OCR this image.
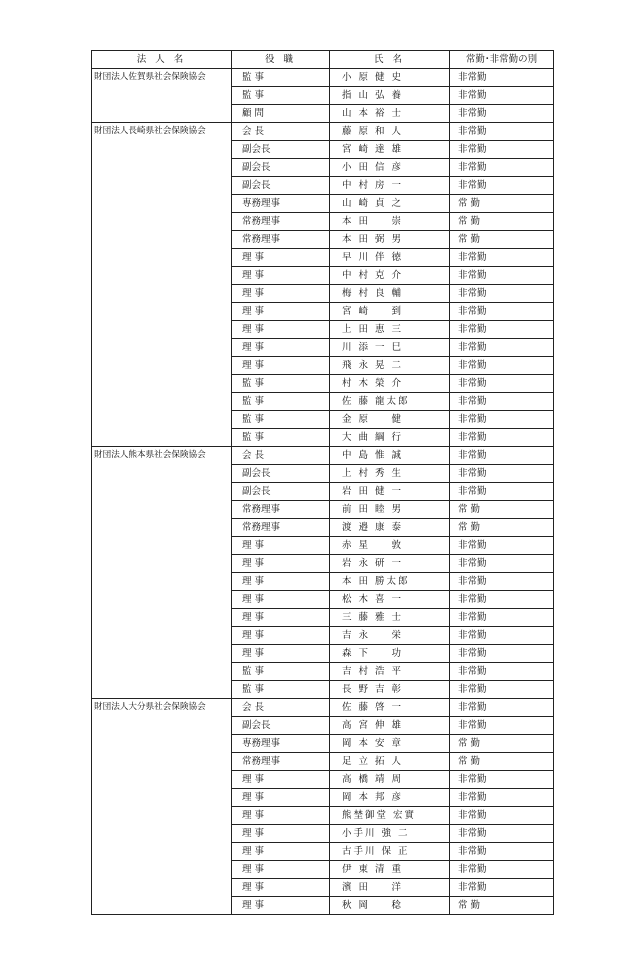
法 人 名	役 職	氏 名	常勤･非常勤の別
財団法人佐賀県社会保険協会	監 事	小 原 健 史	非常勤
	監 事	指 山 弘 養	非常勤
	顧 問	山 本 裕 士	非常勤
財団法人長崎県社会保険協会	会 長	藤 原 和 人	非常勤
	副会長	宮 崎 達 雄	非常勤
	副会長	小 田 信 彦	非常勤
	副会長	中 村 房 一	非常勤
	専務理事	山 崎 貞 之	常 勤
	常務理事	本 田 　 崇	常 勤
	常務理事	本 田 弼 男	常 勤
	理 事	早 川 伴 徳	非常勤
	理 事	中 村 克 介	非常勤
	理 事	梅 村 良 輔	非常勤
	理 事	宮 崎 　 到	非常勤
	理 事	上 田 恵 三	非常勤
	理 事	川 添 一 巳	非常勤
	理 事	飛 永 晃 二	非常勤
	監 事	村 木 榮 介	非常勤
	監 事	佐 藤 龍太郎	非常勤
	監 事	金 原 　 健	非常勤
	監 事	大 曲 綱 行	非常勤
財団法人熊本県社会保険協会	会 長	中 島 惟 誠	非常勤
	副会長	上 村 秀 生	非常勤
	副会長	岩 田 健 一	非常勤
	常務理事	前 田 睦 男	常 勤
	常務理事	渡 邉 康 泰	常 勤
	理 事	赤 星 　 敦	非常勤
	理 事	岩 永 研 一	非常勤
	理 事	本 田 勝太郎	非常勤
	理 事	松 木 喜 一	非常勤
	理 事	三 藤 雅 士	非常勤
	理 事	吉 永 　 栄	非常勤
	理 事	森 下 　 功	非常勤
	監 事	吉 村 浩 平	非常勤
	監 事	長 野 吉 彰	非常勤
財団法人大分県社会保険協会	会 長	佐 藤 啓 一	非常勤
	副会長	高 宮 伸 雄	非常勤
	専務理事	岡 本 安 章	常 勤
	常務理事	足 立 拓 人	常 勤
	理 事	高 橋 靖 周	非常勤
	理 事	岡 本 邦 彦	非常勤
	理 事	熊埜御堂 宏實	非常勤
	理 事	小手川 強 二	非常勤
	理 事	古手川 保 正	非常勤
	理 事	伊 東 清 重	非常勤
	理 事	濱 田 　 洋	非常勤
	理 事	秋 岡 　 稔	常 勤
